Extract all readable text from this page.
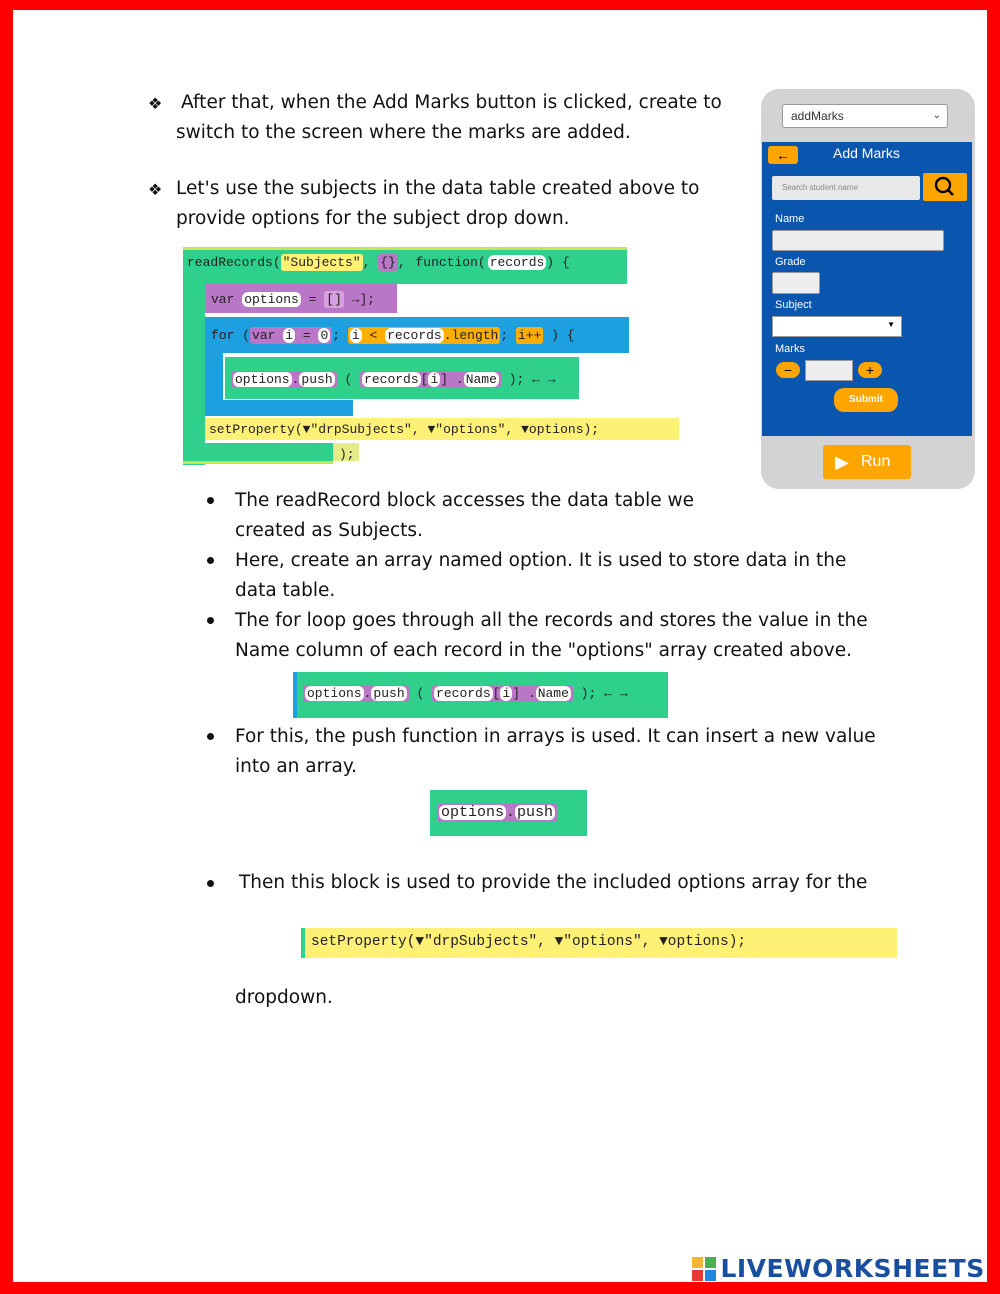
❖ After that, when the Add Marks button is clicked, create to
switch to the screen where the marks are added.
❖ Let's use the subjects in the data table created above to
provide options for the subject drop down.
readRecords( "Subjects" , {} , function( records ) {
var options = [] →];
for ( var i = 0 ; i < records .length ; i++ ) {
options . push ( records [ i ] . Name ); ← →
setProperty(▼"drpSubjects", ▼"options", ▼options);
);
addMarks	⌄
←	Add Marks
Search student name
Name
Grade
Subject
▼
Marks
−	+
Submit
▶ Run
The readRecord block accesses the data table we
created as Subjects.
Here, create an array named option. It is used to store data in the
data table.
The for loop goes through all the records and stores the value in the
Name column of each record in the "options" array created above.
options . push ( records [ i ] . Name ); ← →
For this, the push function in arrays is used. It can insert a new value
into an array.
options . push
Then this block is used to provide the included options array for the
setProperty(▼"drpSubjects", ▼"options", ▼options);
dropdown.
LIVEWORKSHEETS
